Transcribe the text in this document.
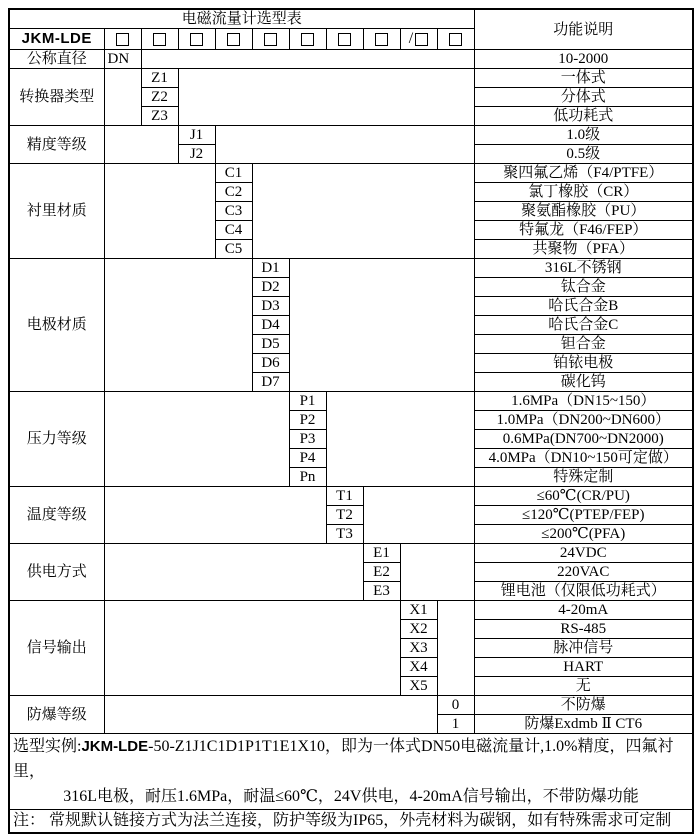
电磁流量计选型表											功能说明
JKM-LDE									/		
公称直径	DN										10-2000
转换器类型		Z1									一体式
		Z2									分体式
		Z3									低功耗式
精度等级			J1								1.0级
			J2								0.5级
衬里材质				C1							聚四氟乙烯（F4/PTFE）
				C2							氯丁橡胶（CR）
				C3							聚氨酯橡胶（PU）
				C4							特氟龙（F46/FEP）
				C5							共聚物（PFA）
电极材质					D1						316L不锈钢
					D2						钛合金
					D3						哈氏合金B
					D4						哈氏合金C
					D5						钽合金
					D6						铂铱电极
					D7						碳化钨
压力等级						P1					1.6MPa（DN15~150）
						P2					1.0MPa（DN200~DN600）
						P3					0.6MPa(DN700~DN2000)
						P4					4.0MPa（DN10~150可定做）
						Pn					特殊定制
温度等级							T1				≤60℃(CR/PU)
							T2				≤120℃(PTEP/FEP)
							T3				≤200℃(PFA)
供电方式								E1			24VDC
								E2			220VAC
								E3			锂电池（仅限低功耗式）
信号输出									X1		4-20mA
									X2		RS-485
									X3		脉冲信号
									X4		HART
									X5		无
防爆等级										0	不防爆
										1	防爆Exdmb Ⅱ CT6

选型实例:JKM-LDE-50-Z1J1C1D1P1T1E1X10，即为一体式DN50电磁流量计,1.0%精度，四氟衬里，
316L电极，耐压1.6MPa，耐温≤60℃，24V供电，4-20mA信号输出，不带防爆功能											

注： 常规默认链接方式为法兰连接，防护等级为IP65，外壳材料为碳钢，如有特殊需求可定制											
